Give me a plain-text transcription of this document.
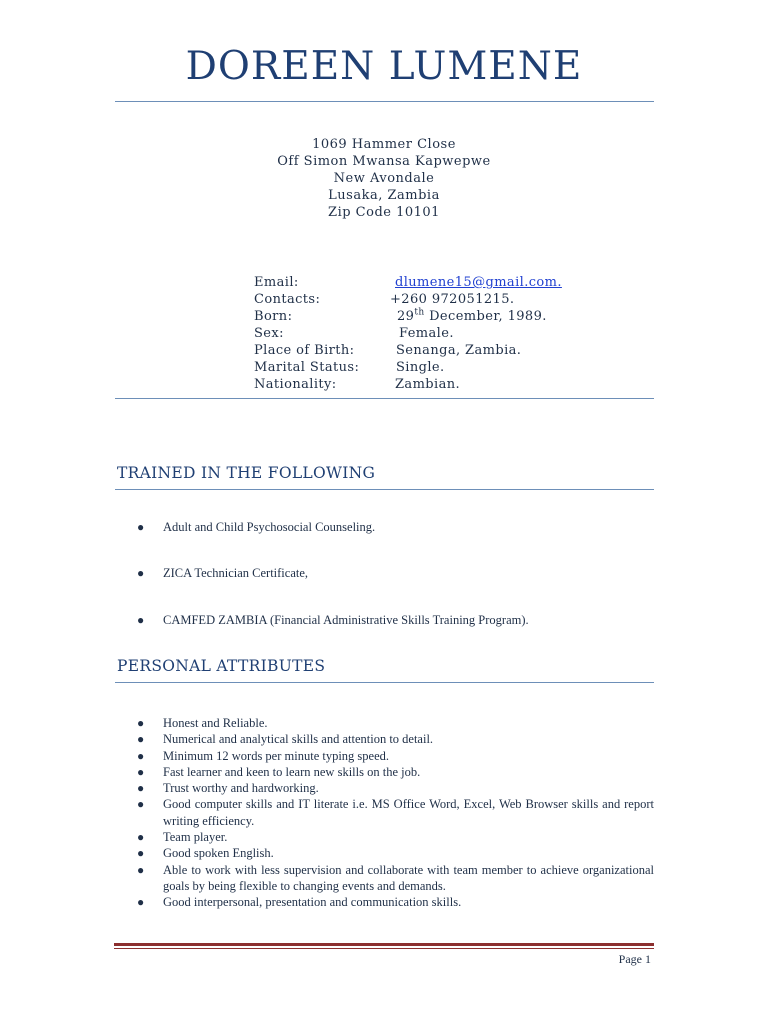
DOREEN LUMENE
1069 Hammer Close
Off Simon Mwansa Kapwepwe
New Avondale
Lusaka, Zambia
Zip Code 10101
Email:	dlumene15@gmail.com.
Contacts:	+260 972051215.
Born:	29th December, 1989.
Sex:	Female.
Place of Birth:	Senanga, Zambia.
Marital Status:	Single.
Nationality:	Zambian.
TRAINED IN THE FOLLOWING
● Adult and Child Psychosocial Counseling.
● ZICA Technician Certificate,
● CAMFED ZAMBIA (Financial Administrative Skills Training Program).
PERSONAL ATTRIBUTES
● Honest and Reliable.
● Numerical and analytical skills and attention to detail.
● Minimum 12 words per minute typing speed.
● Fast learner and keen to learn new skills on the job.
● Trust worthy and hardworking.
● Good computer skills and IT literate i.e. MS Office Word, Excel, Web Browser skills and report writing efficiency.
● Team player.
● Good spoken English.
● Able to work with less supervision and collaborate with team member to achieve organizational goals by being flexible to changing events and demands.
● Good interpersonal, presentation and communication skills.
Page 1
